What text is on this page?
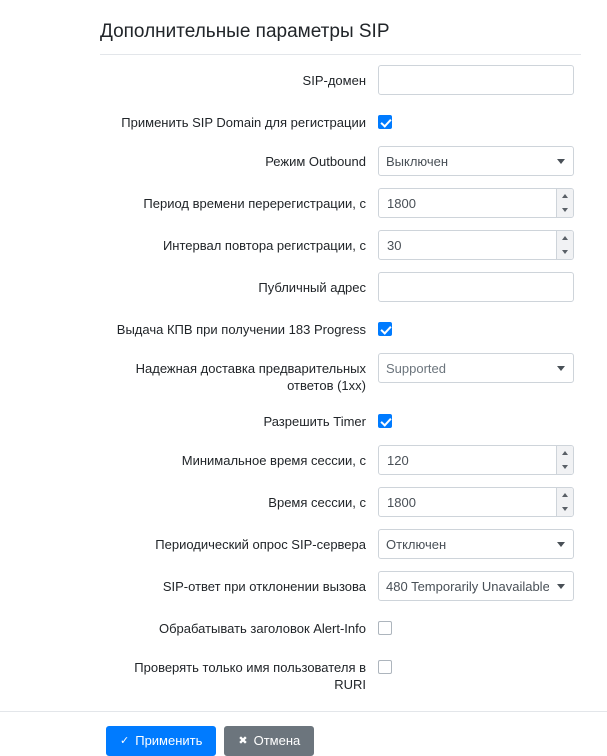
Дополнительные параметры SIP
SIP-домен
Применить SIP Domain для регистрации
Режим Outbound
Выключен
Период времени перерегистрации, с
1800
Интервал повтора регистрации, с
30
Публичный адрес
Выдача КПВ при получении 183 Progress
Надежная доставка предварительных ответов (1xx)
Supported
Разрешить Timer
Минимальное время сессии, с
120
Время сессии, с
1800
Периодический опрос SIP-сервера
Отключен
SIP-ответ при отклонении вызова
480 Temporarily Unavailable
Обрабатывать заголовок Alert-Info
Проверять только имя пользователя в RURI
✓ Применить	✖ Отмена
